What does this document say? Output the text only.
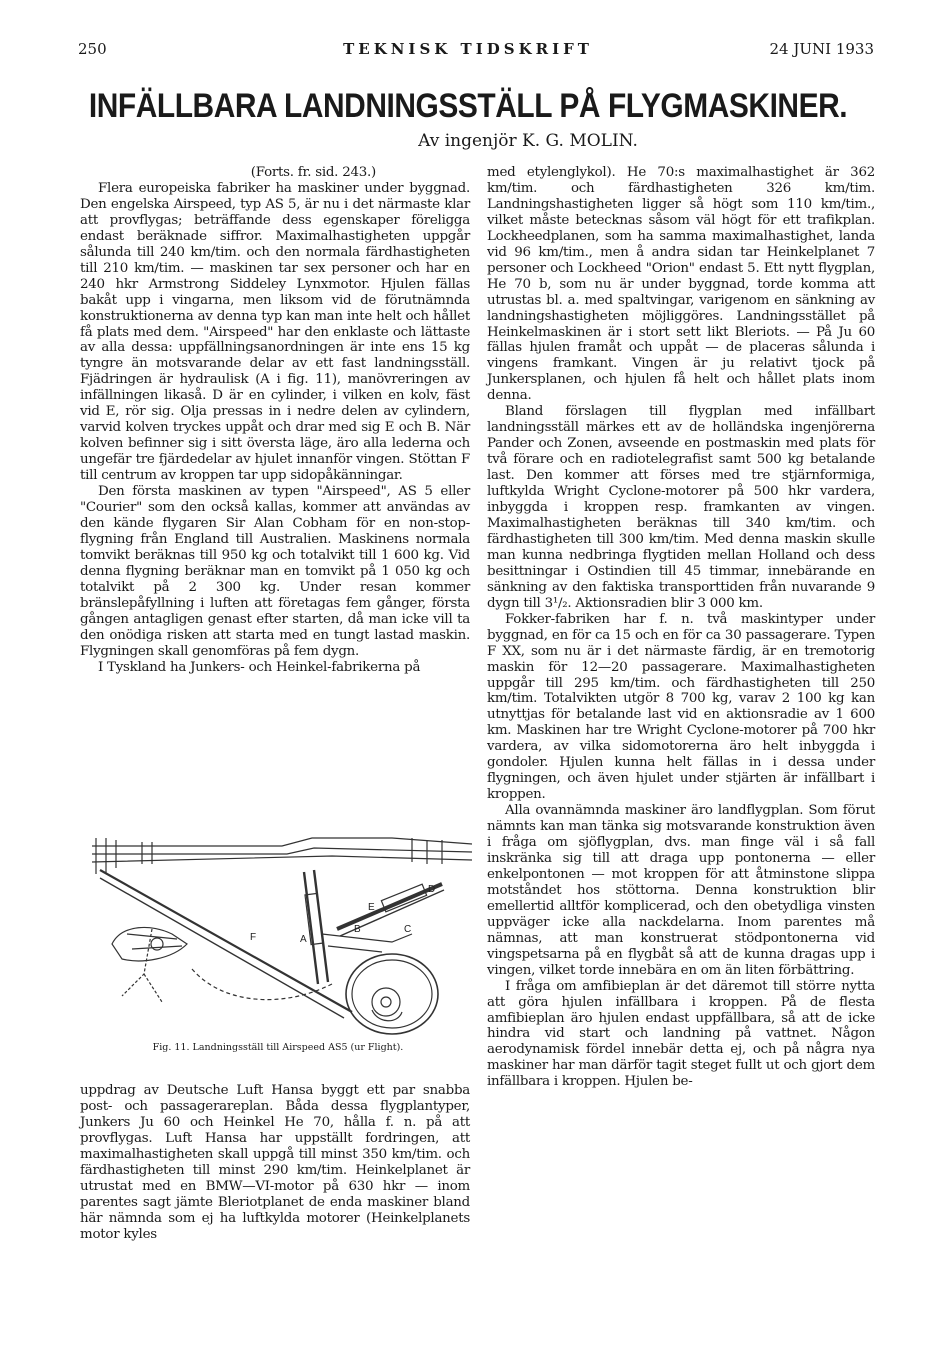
250	TEKNISK TIDSKRIFT	24 JUNI 1933
INFÄLLBARA LANDNINGSSTÄLL PÅ FLYGMASKINER.
Av ingenjör K. G. MOLIN.

(Forts. fr. sid. 243.)

Flera europeiska fabriker ha maskiner under byggnad. Den engelska Airspeed, typ AS 5, är nu i det närmaste klar att provflygas; beträffande dess egenskaper föreligga endast beräknade siffror. Maximalhastigheten uppgår sålunda till 240 km/tim. och den normala färdhastigheten till 210 km/tim. — maskinen tar sex personer och har en 240 hkr Armstrong Siddeley Lynxmotor. Hjulen fällas bakåt upp i vingarna, men liksom vid de förutnämnda konstruktionerna av denna typ kan man inte helt och hållet få plats med dem. "Airspeed" har den enklaste och lättaste av alla dessa: uppfällningsanordningen är inte ens 15 kg tyngre än motsvarande delar av ett fast landningsställ. Fjädringen är hydraulisk (A i fig. 11), manövreringen av infällningen likaså. D är en cylinder, i vilken en kolv, fäst vid E, rör sig. Olja pressas in i nedre delen av cylindern, varvid kolven tryckes uppåt och drar med sig E och B. När kolven befinner sig i sitt översta läge, äro alla lederna och ungefär tre fjärdedelar av hjulet innanför vingen. Stöttan F till centrum av kroppen tar upp sidopåkänningar.

Den första maskinen av typen "Airspeed", AS 5 eller "Courier" som den också kallas, kommer att användas av den kände flygaren Sir Alan Cobham för en non-stop-flygning från England till Australien. Maskinens normala tomvikt beräknas till 950 kg och totalvikt till 1 600 kg. Vid denna flygning beräknar man en tomvikt på 1 050 kg och totalvikt på 2 300 kg. Under resan kommer bränslepåfyllning i luften att företagas fem gånger, första gången antagligen genast efter starten, då man icke vill ta den onödiga risken att starta med en tungt lastad maskin. Flygningen skall genomföras på fem dygn.

I Tyskland ha Junkers- och Heinkel-fabrikerna på

F	A
B
E
D
C
Fig. 11. Landningsställ till Airspeed AS5 (ur Flight).

uppdrag av Deutsche Luft Hansa byggt ett par snabba post- och passagerareplan. Båda dessa flygplantyper, Junkers Ju 60 och Heinkel He 70, hålla f. n. på att provflygas. Luft Hansa har uppställt fordringen, att maximalhastigheten skall uppgå till minst 350 km/tim. och färdhastigheten till minst 290 km/tim. Heinkelplanet är utrustat med en BMW—VI-motor på 630 hkr — inom parentes sagt jämte Bleriotplanet de enda maskiner bland här nämnda som ej ha luftkylda motorer (Heinkelplanets motor kyles

med etylenglykol). He 70:s maximalhastighet är 362 km/tim. och färdhastigheten 326 km/tim. Landningshastigheten ligger så högt som 110 km/tim., vilket måste betecknas såsom väl högt för ett trafikplan. Lockheedplanen, som ha samma maximalhastighet, landa vid 96 km/tim., men å andra sidan tar Heinkelplanet 7 personer och Lockheed "Orion" endast 5. Ett nytt flygplan, He 70 b, som nu är under byggnad, torde komma att utrustas bl. a. med spaltvingar, varigenom en sänkning av landningshastigheten möjliggöres. Landningsstället på Heinkelmaskinen är i stort sett likt Bleriots. — På Ju 60 fällas hjulen framåt och uppåt — de placeras sålunda i vingens framkant. Vingen är ju relativt tjock på Junkersplanen, och hjulen få helt och hållet plats inom denna.

Bland förslagen till flygplan med infällbart landningsställ märkes ett av de holländska ingenjörerna Pander och Zonen, avseende en postmaskin med plats för två förare och en radiotelegrafist samt 500 kg betalande last. Den kommer att förses med tre stjärnformiga, luftkylda Wright Cyclone-motorer på 500 hkr vardera, inbyggda i kroppen resp. framkanten av vingen. Maximalhastigheten beräknas till 340 km/tim. och färdhastigheten till 300 km/tim. Med denna maskin skulle man kunna nedbringa flygtiden mellan Holland och dess besittningar i Ostindien till 45 timmar, innebärande en sänkning av den faktiska transporttiden från nuvarande 9 dygn till 3¹/₂. Aktionsradien blir 3 000 km.

Fokker-fabriken har f. n. två maskintyper under byggnad, en för ca 15 och en för ca 30 passagerare. Typen F XX, som nu är i det närmaste färdig, är en tremotorig maskin för 12—20 passagerare. Maximalhastigheten uppgår till 295 km/tim. och färdhastigheten till 250 km/tim. Totalvikten utgör 8 700 kg, varav 2 100 kg kan utnyttjas för betalande last vid en aktionsradie av 1 600 km. Maskinen har tre Wright Cyclone-motorer på 700 hkr vardera, av vilka sidomotorerna äro helt inbyggda i gondoler. Hjulen kunna helt fällas in i dessa under flygningen, och även hjulet under stjärten är infällbart i kroppen.

Alla ovannämnda maskiner äro landflygplan. Som förut nämnts kan man tänka sig motsvarande konstruktion även i fråga om sjöflygplan, dvs. man finge väl i så fall inskränka sig till att draga upp pontonerna — eller enkelpontonen — mot kroppen för att åtminstone slippa motståndet hos stöttorna. Denna konstruktion blir emellertid alltför komplicerad, och den obetydliga vinsten uppväger icke alla nackdelarna. Inom parentes må nämnas, att man konstruerat stödpontonerna vid vingspetsarna på en flygbåt så att de kunna dragas upp i vingen, vilket torde innebära en om än liten förbättring.

I fråga om amfibieplan är det däremot till större nytta att göra hjulen infällbara i kroppen. På de flesta amfibieplan äro hjulen endast uppfällbara, så att de icke hindra vid start och landning på vattnet. Någon aerodynamisk fördel innebär detta ej, och på några nya maskiner har man därför tagit steget fullt ut och gjort dem infällbara i kroppen. Hjulen be-
